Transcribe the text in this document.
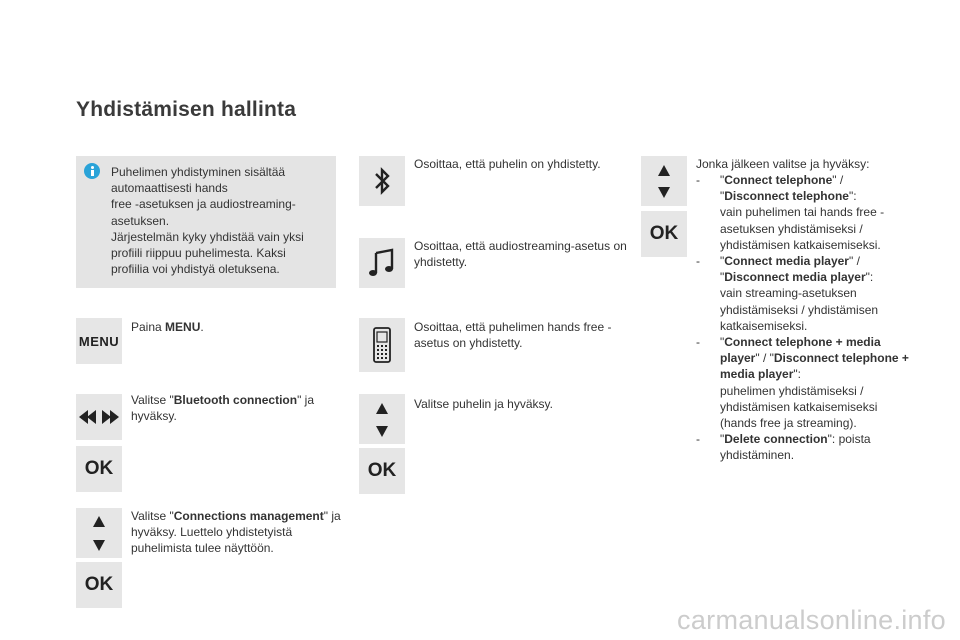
Yhdistämisen hallinta
Puhelimen yhdistyminen sisältää
automaattisesti hands
free -asetuksen ja audiostreaming-
asetuksen.
Järjestelmän kyky yhdistää vain yksi
profiili riippuu puhelimesta. Kaksi
profiilia voi yhdistyä oletuksena.
MENU
Paina MENU.
Valitse "Bluetooth connection" ja hyväksy.
OK
Valitse "Connections management" ja hyväksy. Luettelo yhdistetyistä puhelimista tulee näyttöön.
OK
Osoittaa, että puhelin on yhdistetty.
Osoittaa, että audiostreaming-asetus on yhdistetty.
Osoittaa, että puhelimen hands free -asetus on yhdistetty.
Valitse puhelin ja hyväksy.
OK
OK
Jonka jälkeen valitse ja hyväksy:
-	"Connect telephone" / "Disconnect telephone":
vain puhelimen tai hands free -asetuksen yhdistämiseksi / yhdistämisen katkaisemiseksi.
-	"Connect media player" / "Disconnect media player":
vain streaming-asetuksen yhdistämiseksi / yhdistämisen katkaisemiseksi.
-	"Connect telephone + media player" / "Disconnect telephone + media player":
puhelimen yhdistämiseksi / yhdistämisen katkaisemiseksi (hands free ja streaming).
-	"Delete connection": poista yhdistäminen.
carmanualsonline.info
